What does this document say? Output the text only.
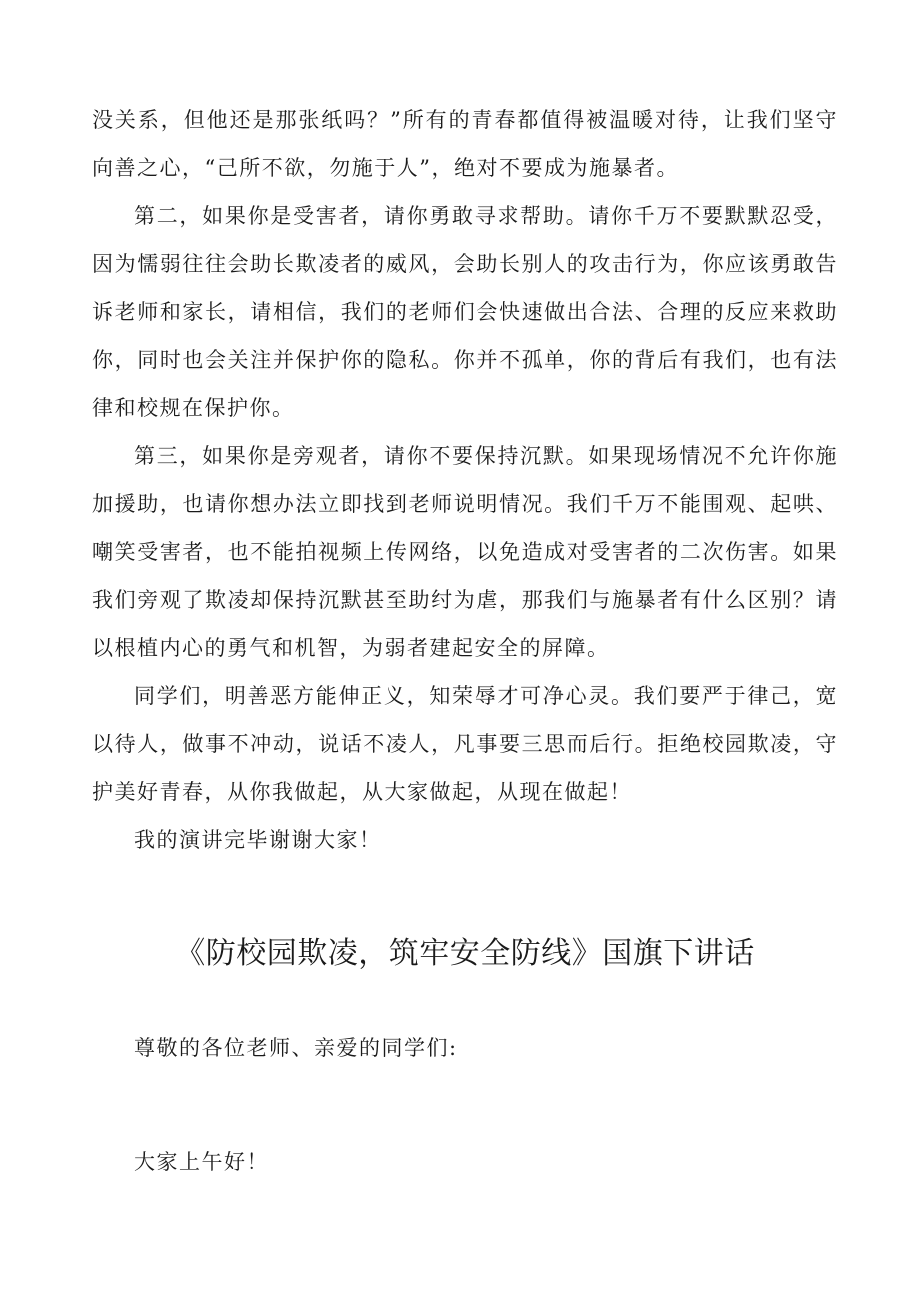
没关系，但他还是那张纸吗？”所有的青春都值得被温暖对待，让我们坚守向善之心，“己所不欲，勿施于人”，绝对不要成为施暴者。

第二，如果你是受害者，请你勇敢寻求帮助。请你千万不要默默忍受，因为懦弱往往会助长欺凌者的威风，会助长别人的攻击行为，你应该勇敢告诉老师和家长，请相信，我们的老师们会快速做出合法、合理的反应来救助你，同时也会关注并保护你的隐私。你并不孤单，你的背后有我们，也有法律和校规在保护你。

第三，如果你是旁观者，请你不要保持沉默。如果现场情况不允许你施加援助，也请你想办法立即找到老师说明情况。我们千万不能围观、起哄、嘲笑受害者，也不能拍视频上传网络，以免造成对受害者的二次伤害。如果我们旁观了欺凌却保持沉默甚至助纣为虐，那我们与施暴者有什么区别？请以根植内心的勇气和机智，为弱者建起安全的屏障。

同学们，明善恶方能伸正义，知荣辱才可净心灵。我们要严于律己，宽以待人，做事不冲动，说话不凌人，凡事要三思而后行。拒绝校园欺凌，守护美好青春，从你我做起，从大家做起，从现在做起！

我的演讲完毕谢谢大家！

《防校园欺凌，筑牢安全防线》国旗下讲话

尊敬的各位老师、亲爱的同学们:

大家上午好！
